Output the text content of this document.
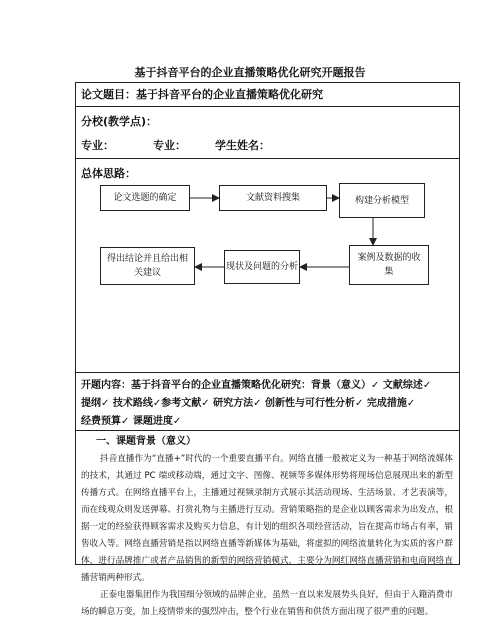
基于抖音平台的企业直播策略优化研究开题报告
论文题目：基于抖音平台的企业直播策略优化研究
分校(教学点)：
专业：	专业：	学生姓名：
总体思路：
论文选题的确定	文献资料搜集	构建分析模型
案例及数据的收集
现状及问题的分析
得出结论并且给出相关建议
开题内容：基于抖音平台的企业直播策略优化研究：背景（意义）✓ 文献综述✓
提纲✓ 技术路线✓参考文献✓ 研究方法✓ 创新性与可行性分析✓ 完成措施✓
经费预算✓ 课题进度✓
一、课题背景（意义）

抖音直播作为“直播+”时代的一个重要直播平台。网络直播一般被定义为一种基于网络流媒体的技术，其通过 PC 端或移动端，通过文字、图像、视频等多媒体形势将现场信息展现出来的新型传播方式。在网络直播平台上，主播通过视频录制方式展示其活动现场、生活场景、才艺表演等，而在线观众则发送弹幕、打赏礼物与主播进行互动。营销策略指的是企业以顾客需求为出发点，根据一定的经验获得顾客需求及购买力信息，有计划的组织各项经营活动，旨在提高市场占有率，销售收入等。网络直播营销是指以网络直播等新媒体为基础，将虚拟的网络流量转化为实质的客户群体，进行品牌推广或者产品销售的新型的网络营销模式，主要分为网红网络直播营销和电商网络直播营销两种形式。

正泰电器集团作为我国细分领域的品牌企业，虽然一直以来发展势头良好，但由于入籍消费市场的瞬息万变，加上疫情带来的强烈冲击，整个行业在销售和供货方面出现了很严重的问题。
